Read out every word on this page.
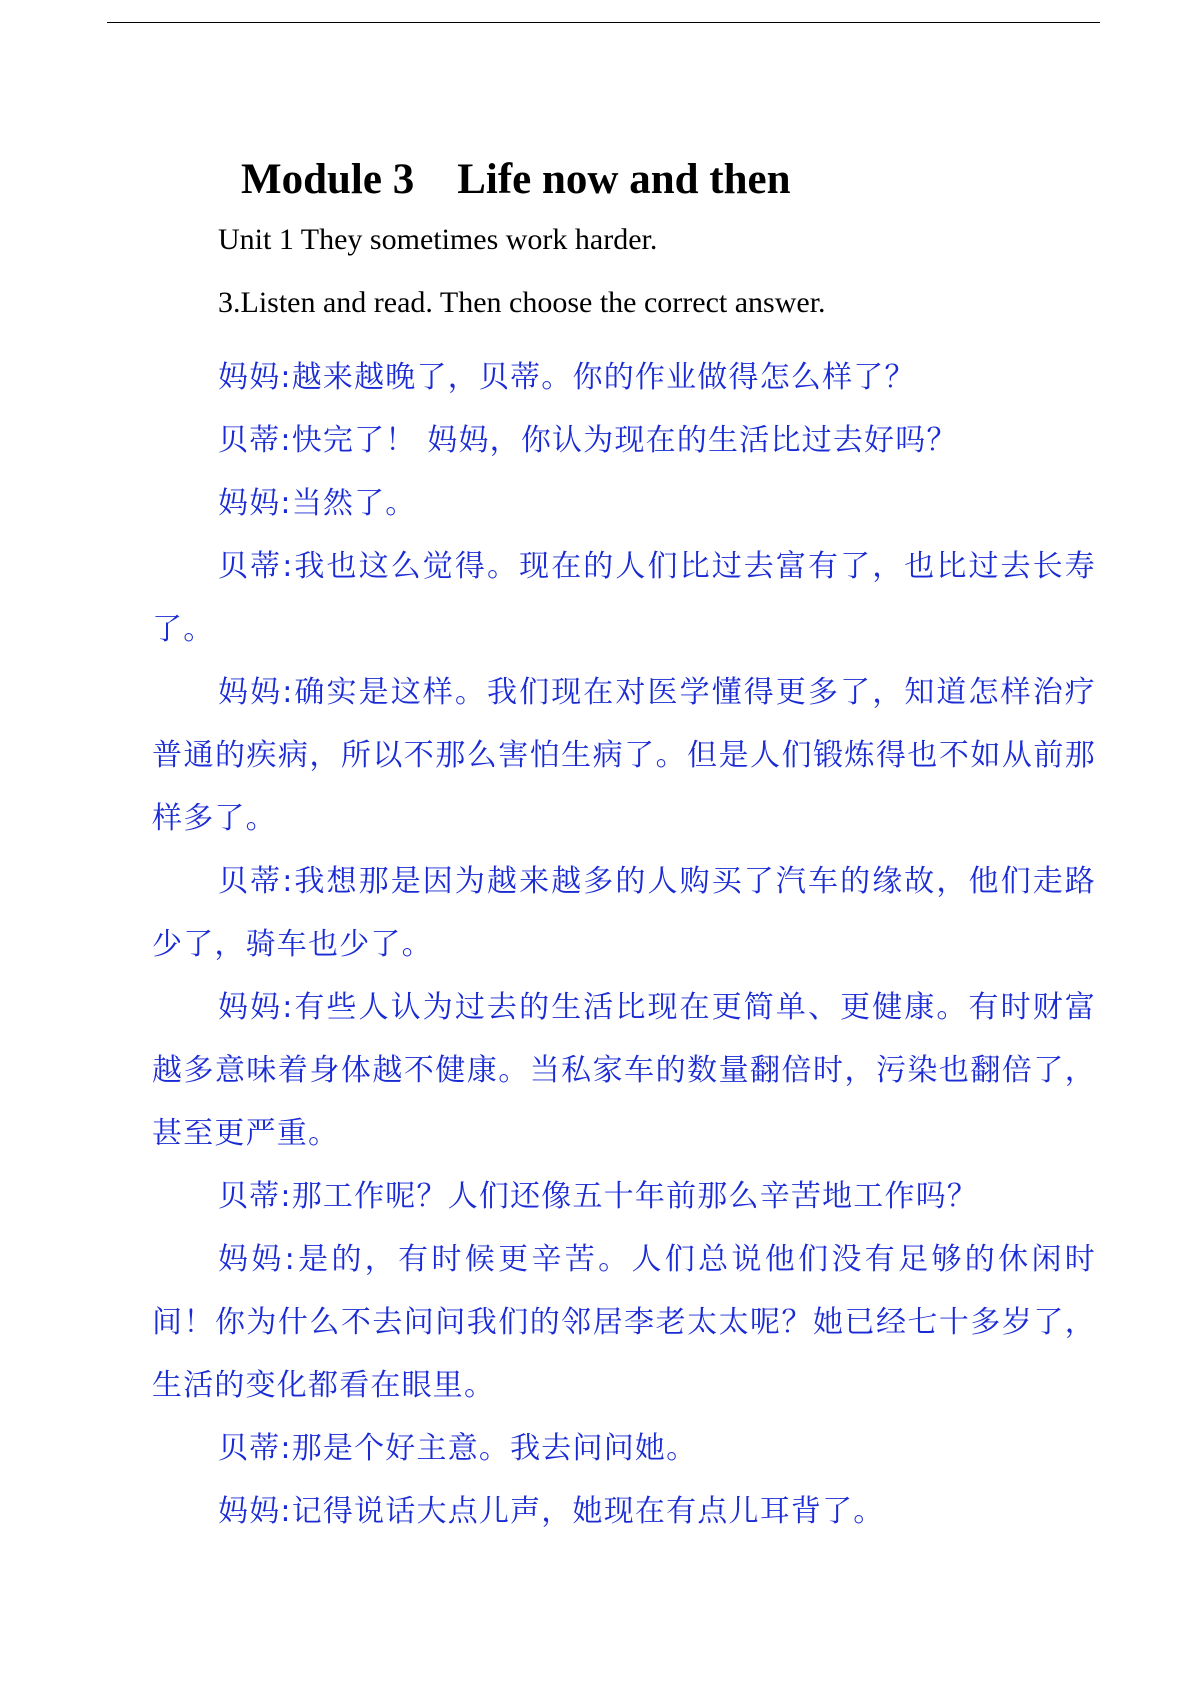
Module 3    Life now and then

Unit 1 They sometimes work harder.

3.Listen and read. Then choose the correct answer.

妈妈:越来越晚了，贝蒂。你的作业做得怎么样了？

贝蒂:快完了！ 妈妈，你认为现在的生活比过去好吗？

妈妈:当然了。

贝蒂:我也这么觉得。现在的人们比过去富有了，也比过去长寿了。

妈妈:确实是这样。我们现在对医学懂得更多了，知道怎样治疗普通的疾病，所以不那么害怕生病了。但是人们锻炼得也不如从前那样多了。

贝蒂:我想那是因为越来越多的人购买了汽车的缘故，他们走路少了，骑车也少了。

妈妈:有些人认为过去的生活比现在更简单、更健康。有时财富越多意味着身体越不健康。当私家车的数量翻倍时，污染也翻倍了，甚至更严重。

贝蒂:那工作呢？人们还像五十年前那么辛苦地工作吗？

妈妈:是的，有时候更辛苦。人们总说他们没有足够的休闲时间！你为什么不去问问我们的邻居李老太太呢？她已经七十多岁了，生活的变化都看在眼里。

贝蒂:那是个好主意。我去问问她。

妈妈:记得说话大点儿声，她现在有点儿耳背了。
